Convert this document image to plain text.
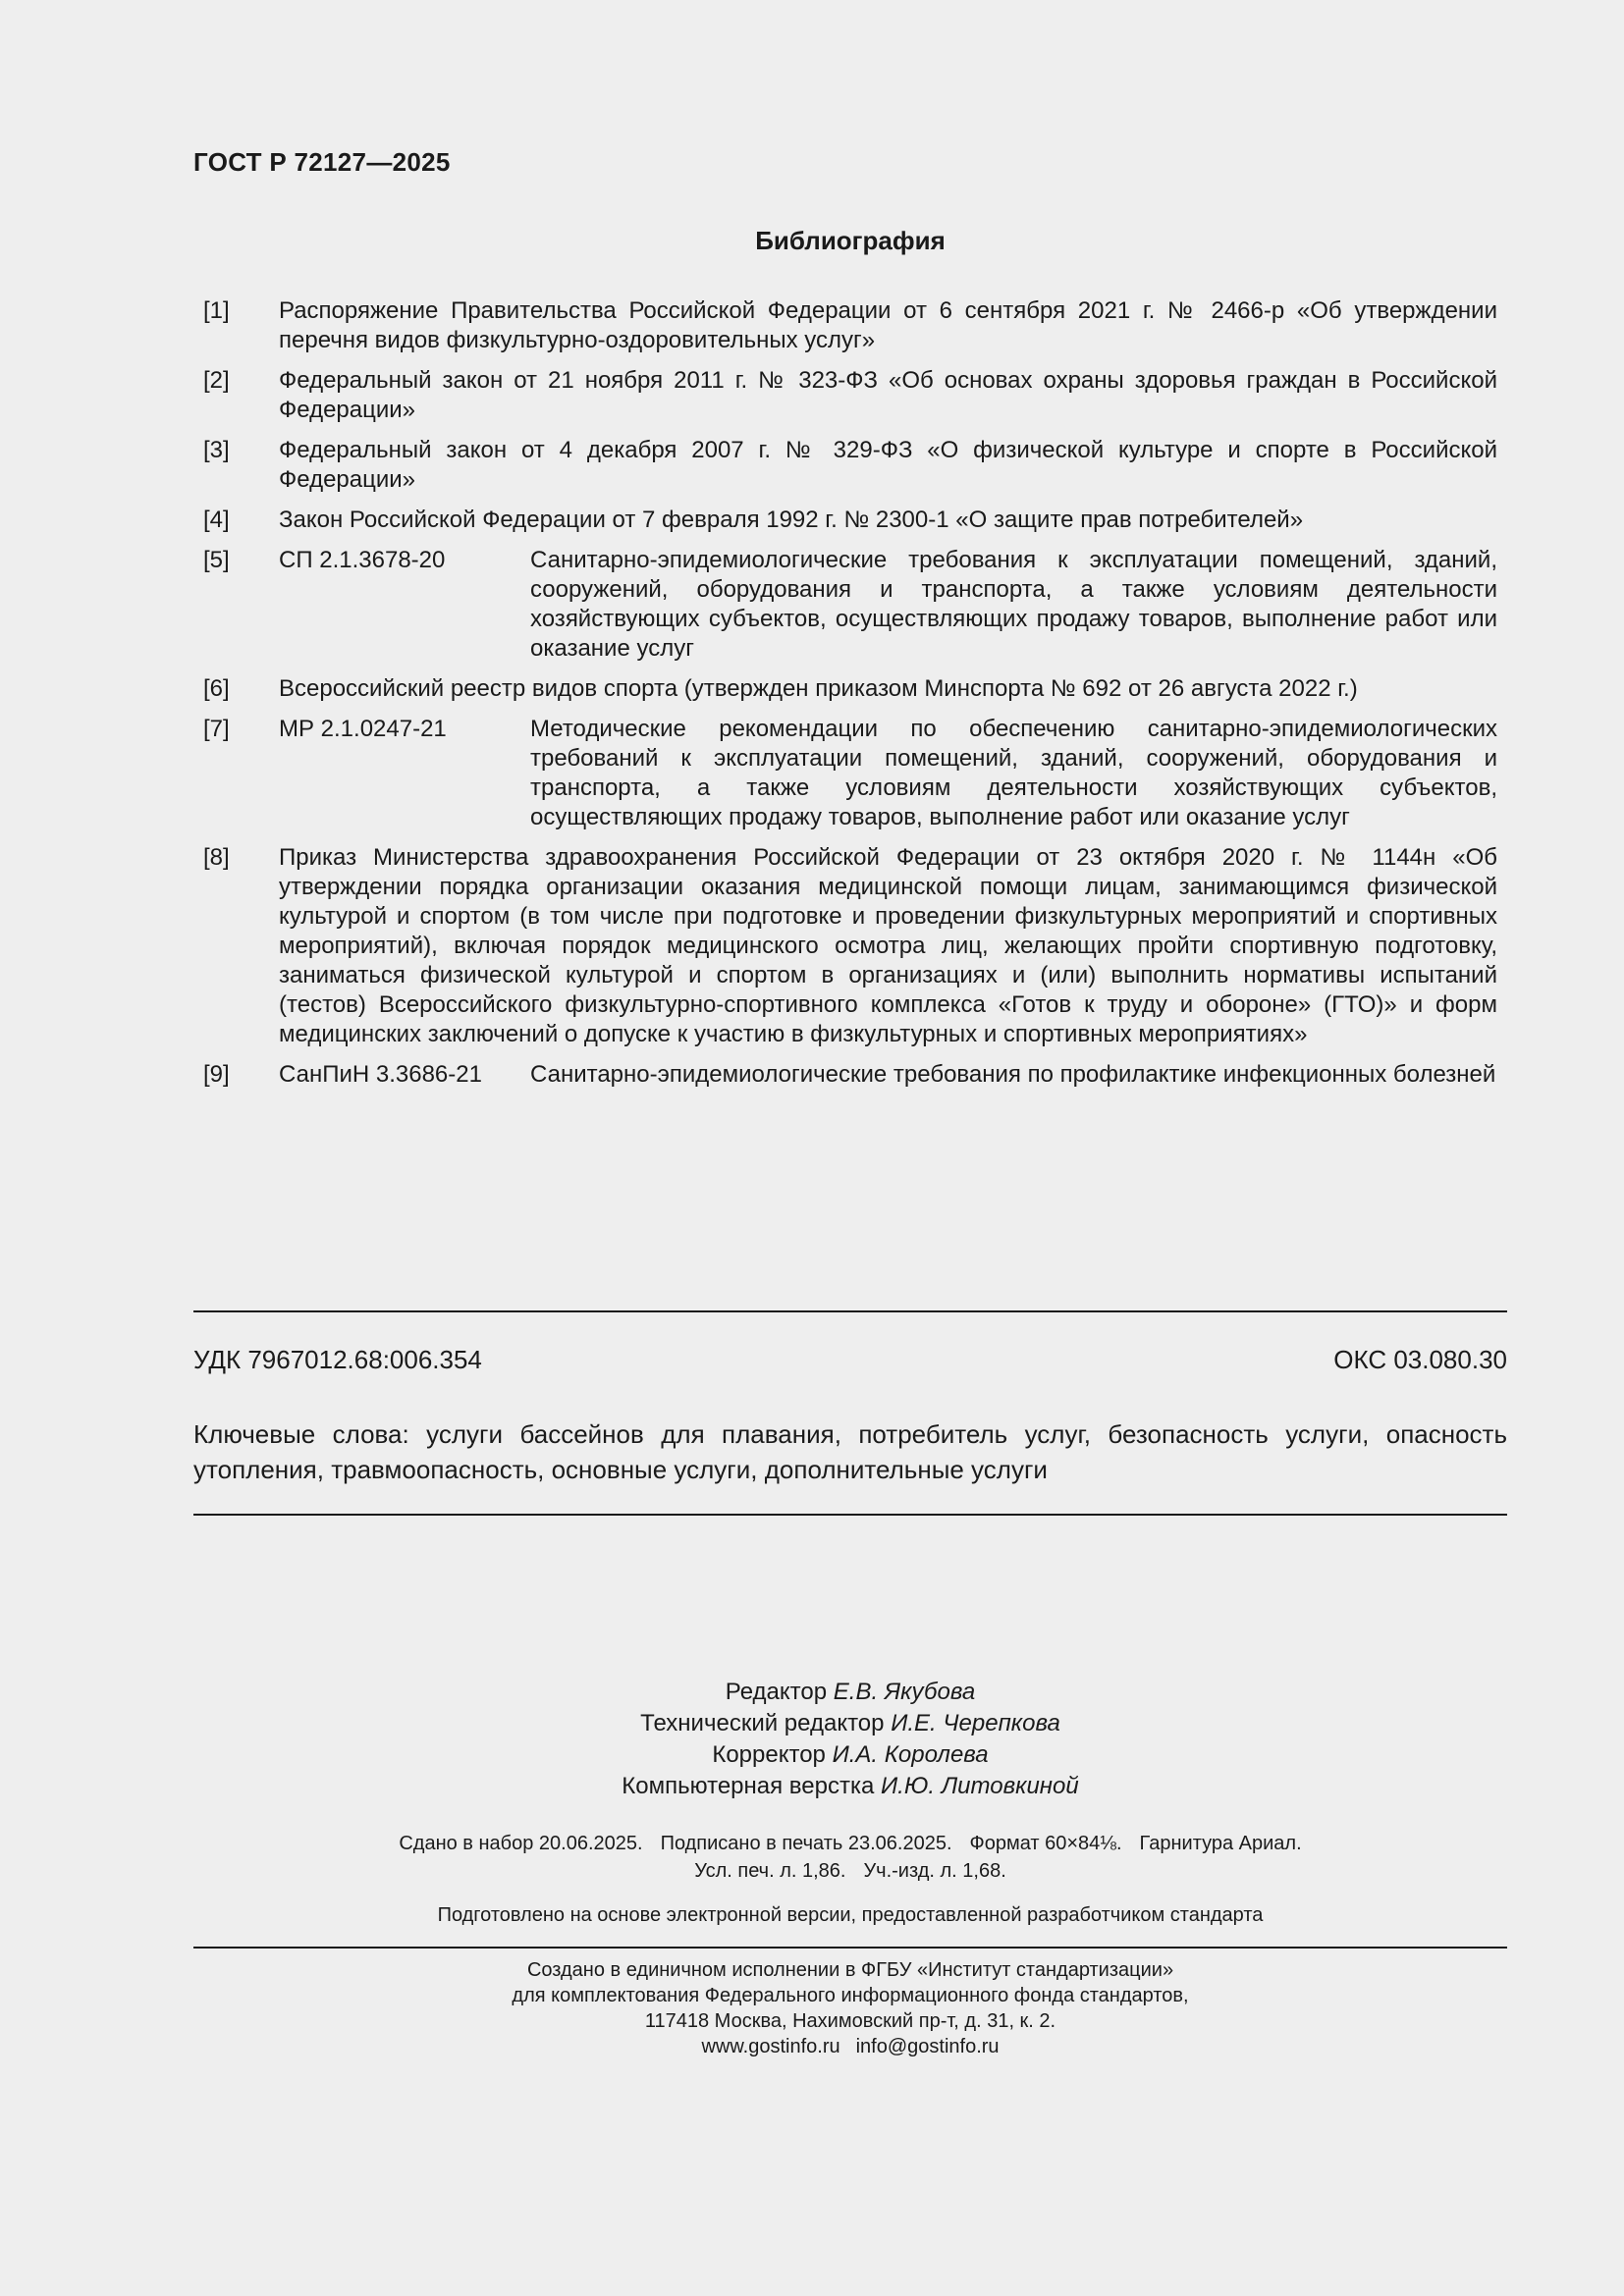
ГОСТ Р 72127—2025
Библиография
[1]	Распоряжение Правительства Российской Федерации от 6 сентября 2021 г. № 2466-р «Об утверждении перечня видов физкультурно-оздоровительных услуг»
[2]	Федеральный закон от 21 ноября 2011 г. № 323-ФЗ «Об основах охраны здоровья граждан в Российской Федерации»
[3]	Федеральный закон от 4 декабря 2007 г. № 329-ФЗ «О физической культуре и спорте в Российской Федерации»
[4]	Закон Российской Федерации от 7 февраля 1992 г. № 2300-1 «О защите прав потребителей»
[5]	СП 2.1.3678-20	Санитарно-эпидемиологические требования к эксплуатации помещений, зданий, сооружений, оборудования и транспорта, а также условиям деятельности хозяйствующих субъектов, осуществляющих продажу товаров, выполнение работ или оказание услуг
[6]	Всероссийский реестр видов спорта (утвержден приказом Минспорта № 692 от 26 августа 2022 г.)
[7]	МР 2.1.0247-21	Методические рекомендации по обеспечению санитарно-эпидемиологических требований к эксплуатации помещений, зданий, сооружений, оборудования и транспорта, а также условиям деятельности хозяйствующих субъектов, осуществляющих продажу товаров, выполнение работ или оказание услуг
[8]	Приказ Министерства здравоохранения Российской Федерации от 23 октября 2020 г. № 1144н «Об утверждении порядка организации оказания медицинской помощи лицам, занимающимся физической культурой и спортом (в том числе при подготовке и проведении физкультурных мероприятий и спортивных мероприятий), включая порядок медицинского осмотра лиц, желающих пройти спортивную подготовку, заниматься физической культурой и спортом в организациях и (или) выполнить нормативы испытаний (тестов) Всероссийского физкультурно-спортивного комплекса «Готов к труду и обороне» (ГТО)» и форм медицинских заключений о допуске к участию в физкультурных и спортивных мероприятиях»
[9]	СанПиН 3.3686-21	Санитарно-эпидемиологические требования по профилактике инфекционных болезней
УДК 7967012.68:006.354	ОКС 03.080.30
Ключевые слова: услуги бассейнов для плавания, потребитель услуг, безопасность услуги, опасность утопления, травмоопасность, основные услуги, дополнительные услуги
Редактор Е.В. Якубова
Технический редактор И.Е. Черепкова
Корректор И.А. Королева
Компьютерная верстка И.Ю. Литовкиной
Сдано в набор 20.06.2025. Подписано в печать 23.06.2025. Формат 60×84⅛. Гарнитура Ариал.
Усл. печ. л. 1,86. Уч.-изд. л. 1,68.
Подготовлено на основе электронной версии, предоставленной разработчиком стандарта
Создано в единичном исполнении в ФГБУ «Институт стандартизации»
для комплектования Федерального информационного фонда стандартов,
117418 Москва, Нахимовский пр-т, д. 31, к. 2.
www.gostinfo.ru info@gostinfo.ru
